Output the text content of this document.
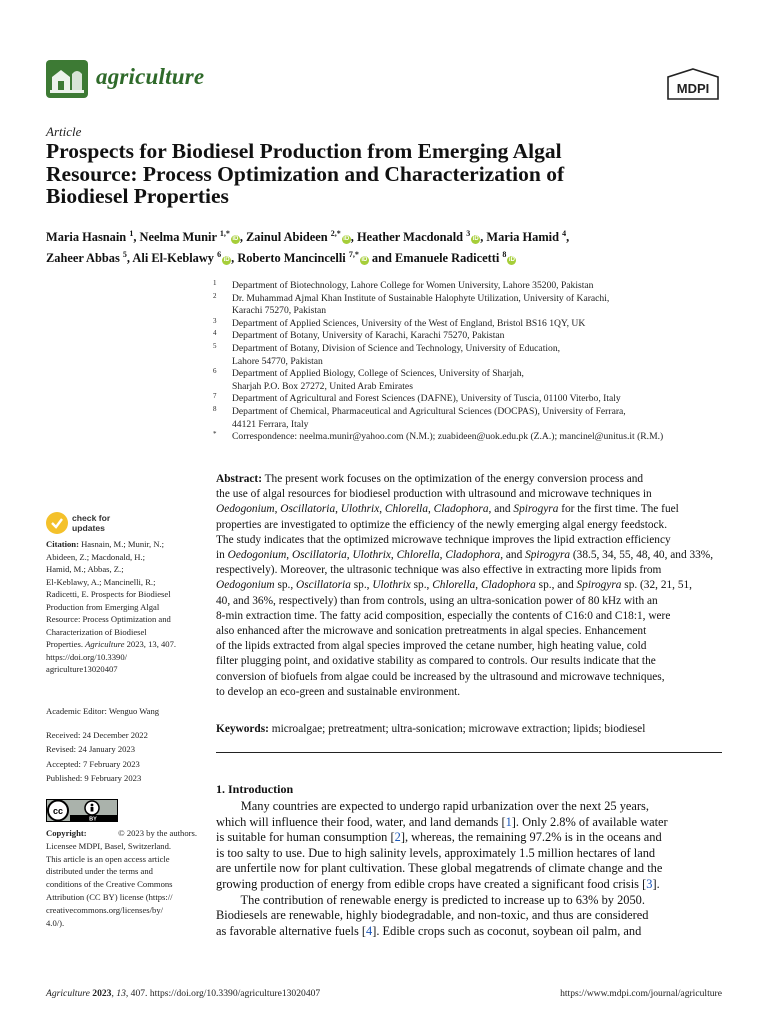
agriculture	MDPI
Article
Prospects for Biodiesel Production from Emerging Algal
Resource: Process Optimization and Characterization of
Biodiesel Properties
Maria Hasnain $^1$, Neelma Munir $^{1,*}$iD , Zainul Abideen $^{2,*}$iD , Heather Macdonald $^3$iD , Maria Hamid $^4$,
Zaheer Abbas $^5$, Ali El-Keblawy $^6$iD , Roberto Mancincelli $^{7,*}$iD and Emanuele Radicetti $^8$iD
1 Department of Biotechnology, Lahore College for Women University, Lahore 35200, Pakistan
2 Dr. Muhammad Ajmal Khan Institute of Sustainable Halophyte Utilization, University of Karachi,
Karachi 75270, Pakistan
3 Department of Applied Sciences, University of the West of England, Bristol BS16 1QY, UK
4 Department of Botany, University of Karachi, Karachi 75270, Pakistan
5 Department of Botany, Division of Science and Technology, University of Education,
Lahore 54770, Pakistan
6 Department of Applied Biology, College of Sciences, University of Sharjah,
Sharjah P.O. Box 27272, United Arab Emirates
7 Department of Agricultural and Forest Sciences (DAFNE), University of Tuscia, 01100 Viterbo, Italy
8 Department of Chemical, Pharmaceutical and Agricultural Sciences (DOCPAS), University of Ferrara,
44121 Ferrara, Italy
* Correspondence: neelma.munir@yahoo.com (N.M.); zuabideen@uok.edu.pk (Z.A.); mancinel@unitus.it (R.M.)
Abstract: The present work focuses on the optimization of the energy conversion process and
the use of algal resources for biodiesel production with ultrasound and microwave techniques in
Oedogonium, Oscillatoria, Ulothrix, Chlorella, Cladophora, and Spirogyra for the first time. The fuel
properties are investigated to optimize the efficiency of the newly emerging algal energy feedstock.
The study indicates that the optimized microwave technique improves the lipid extraction efficiency
in Oedogonium, Oscillatoria, Ulothrix, Chlorella, Cladophora, and Spirogyra (38.5, 34, 55, 48, 40, and 33%,
respectively). Moreover, the ultrasonic technique was also effective in extracting more lipids from
Oedogonium sp., Oscillatoria sp., Ulothrix sp., Chlorella, Cladophora sp., and Spirogyra sp. (32, 21, 51,
40, and 36%, respectively) than from controls, using an ultra-sonication power of 80 kHz with an
8-min extraction time. The fatty acid composition, especially the contents of C16:0 and C18:1, were
also enhanced after the microwave and sonication pretreatments in algal species. Enhancement
of the lipids extracted from algal species improved the cetane number, high heating value, cold
filter plugging point, and oxidative stability as compared to controls. Our results indicate that the
conversion of biofuels from algae could be increased by the ultrasound and microwave techniques,
to develop an eco-green and sustainable environment.
Keywords: microalgae; pretreatment; ultra-sonication; microwave extraction; lipids; biodiesel
1. Introduction
Many countries are expected to undergo rapid urbanization over the next 25 years,
which will influence their food, water, and land demands [1]. Only 2.8% of available water
is suitable for human consumption [2], whereas, the remaining 97.2% is in the oceans and
is too salty to use. Due to high salinity levels, approximately 1.5 million hectares of land
are unfertile now for plant cultivation. These global megatrends of climate change and the
growing production of energy from edible crops have created a significant food crisis [3].
The contribution of renewable energy is predicted to increase up to 63% by 2050.
Biodiesels are renewable, highly biodegradable, and non-toxic, and thus are considered
as favorable alternative fuels [4]. Edible crops such as coconut, soybean oil palm, and
check for
updates
Citation: Hasnain, M.; Munir, N.;
Abideen, Z.; Macdonald, H.;
Hamid, M.; Abbas, Z.;
El-Keblawy, A.; Mancinelli, R.;
Radicetti, E. Prospects for Biodiesel
Production from Emerging Algal
Resource: Process Optimization and
Characterization of Biodiesel
Properties. Agriculture 2023, 13, 407.
https://doi.org/10.3390/
agriculture13020407
Academic Editor: Wenguo Wang
Received: 24 December 2022
Revised: 24 January 2023
Accepted: 7 February 2023
Published: 9 February 2023
cc
BY
Copyright:	© 2023 by the authors.
Licensee MDPI, Basel, Switzerland.
This article is an open access article
distributed under the terms and
conditions of the Creative Commons
Attribution (CC BY) license (https://
creativecommons.org/licenses/by/
4.0/).
Agriculture 2023, 13, 407. https://doi.org/10.3390/agriculture13020407	https://www.mdpi.com/journal/agriculture
